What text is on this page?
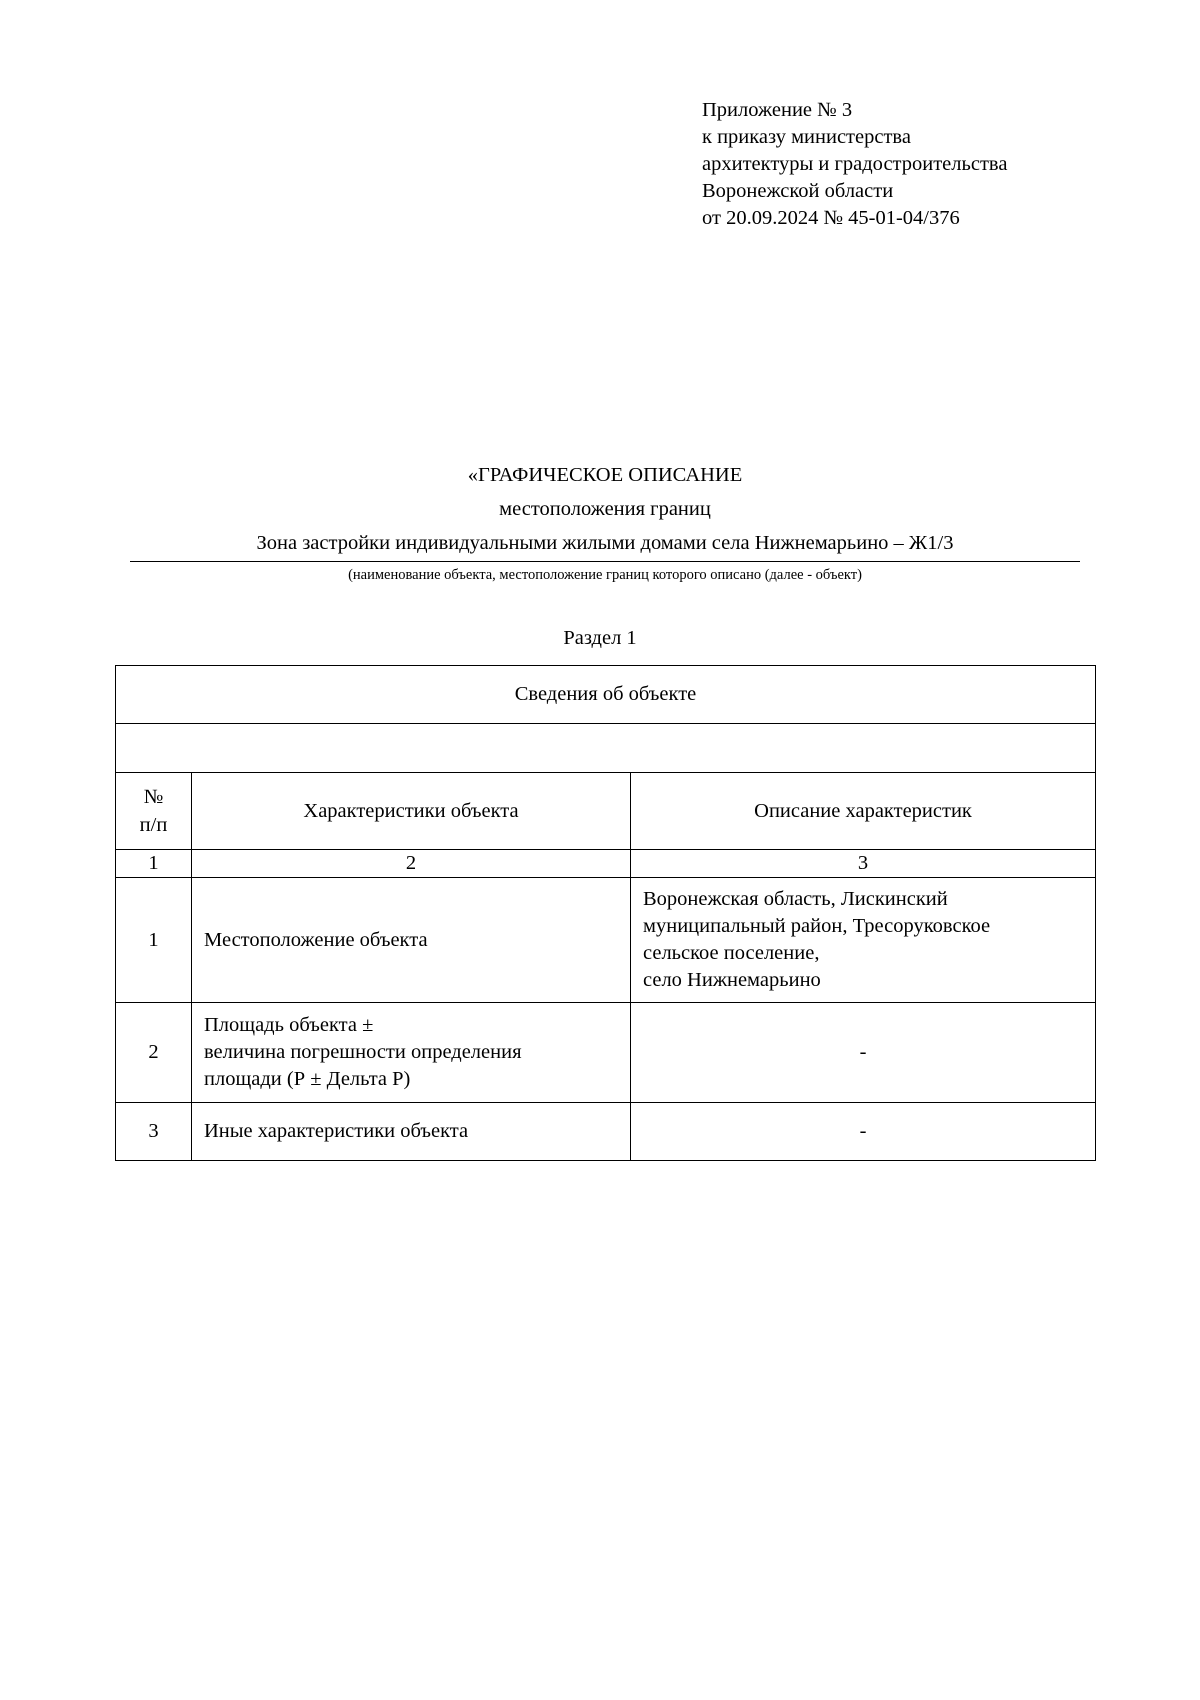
Приложение № 3
к приказу министерства
архитектуры и градостроительства
Воронежской области
от 20.09.2024 № 45-01-04/376
«ГРАФИЧЕСКОЕ ОПИСАНИЕ
местоположения границ
Зона застройки индивидуальными жилыми домами села Нижнемарьино – Ж1/3
(наименование объекта, местоположение границ которого описано (далее - объект)
Раздел 1
Сведения об объекте		

№
п/п	Характеристики объекта	Описание характеристик
1	2	3
1	Местоположение объекта	Воронежская область, Лискинский
муниципальный район, Тресоруковское
сельское поселение,
село Нижнемарьино

2	Площадь объекта ±
величина погрешности определения
площади (Р ± Дельта Р)	-
3	Иные характеристики объекта	-
